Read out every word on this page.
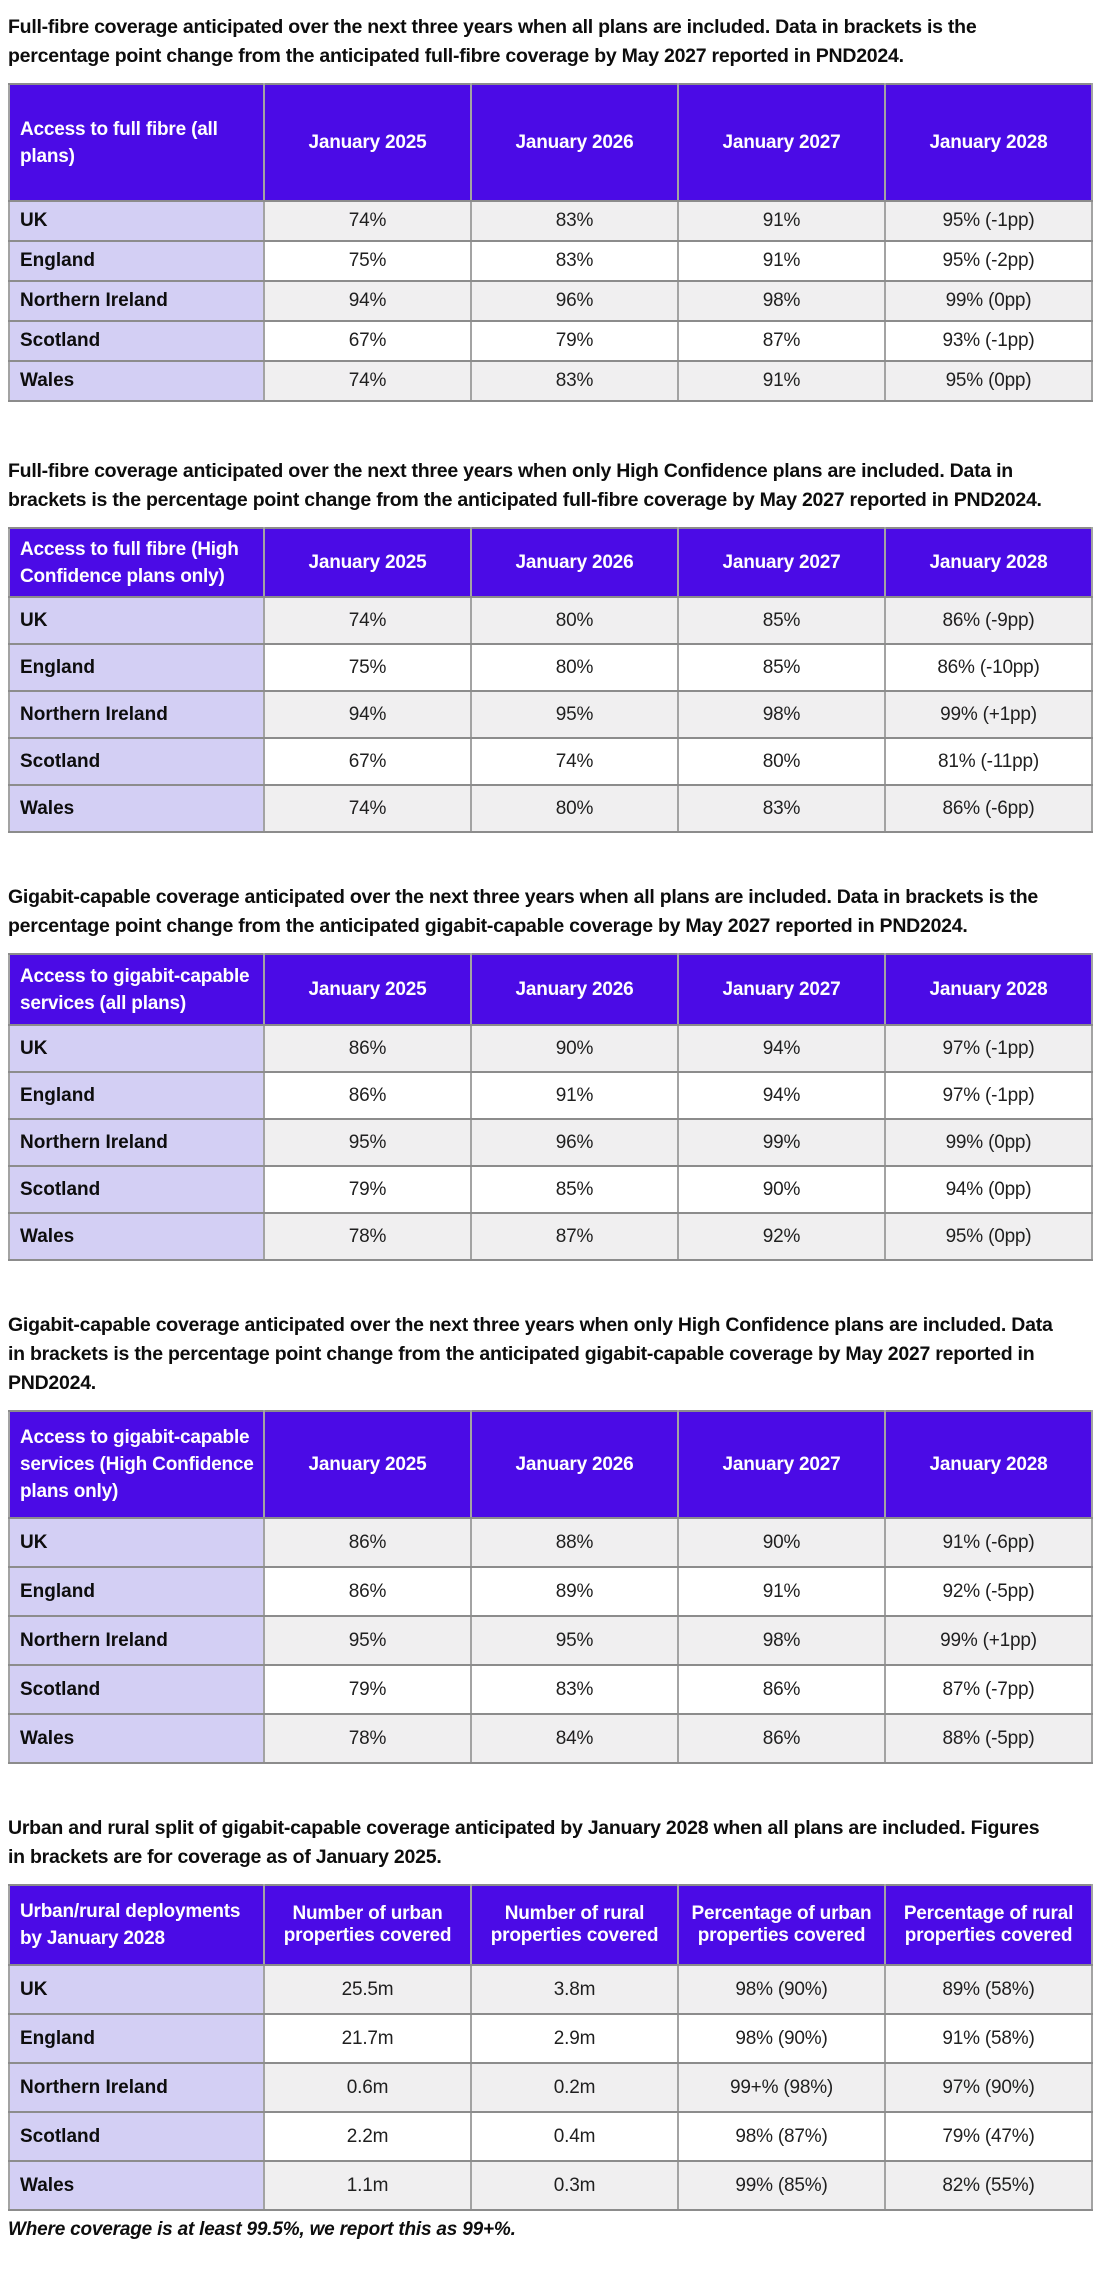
Full-fibre coverage anticipated over the next three years when all plans are included. Data in brackets is the percentage point change from the anticipated full-fibre coverage by May 2027 reported in PND2024.

Access to full fibre (all plans)	January 2025	January 2026	January 2027	January 2028
UK	74%	83%	91%	95% (-1pp)
England	75%	83%	91%	95% (-2pp)
Northern Ireland	94%	96%	98%	99% (0pp)
Scotland	67%	79%	87%	93% (-1pp)
Wales	74%	83%	91%	95% (0pp)

Full-fibre coverage anticipated over the next three years when only High Confidence plans are included. Data in brackets is the percentage point change from the anticipated full-fibre coverage by May 2027 reported in PND2024.

Access to full fibre (High Confidence plans only)	January 2025	January 2026	January 2027	January 2028
UK	74%	80%	85%	86% (-9pp)
England	75%	80%	85%	86% (-10pp)
Northern Ireland	94%	95%	98%	99% (+1pp)
Scotland	67%	74%	80%	81% (-11pp)
Wales	74%	80%	83%	86% (-6pp)

Gigabit-capable coverage anticipated over the next three years when all plans are included. Data in brackets is the percentage point change from the anticipated gigabit-capable coverage by May 2027 reported in PND2024.

Access to gigabit-capable services (all plans)	January 2025	January 2026	January 2027	January 2028
UK	86%	90%	94%	97% (-1pp)
England	86%	91%	94%	97% (-1pp)
Northern Ireland	95%	96%	99%	99% (0pp)
Scotland	79%	85%	90%	94% (0pp)
Wales	78%	87%	92%	95% (0pp)

Gigabit-capable coverage anticipated over the next three years when only High Confidence plans are included. Data in brackets is the percentage point change from the anticipated gigabit-capable coverage by May 2027 reported in PND2024.

Access to gigabit-capable services (High Confidence plans only)	January 2025	January 2026	January 2027	January 2028
UK	86%	88%	90%	91% (-6pp)
England	86%	89%	91%	92% (-5pp)
Northern Ireland	95%	95%	98%	99% (+1pp)
Scotland	79%	83%	86%	87% (-7pp)
Wales	78%	84%	86%	88% (-5pp)

Urban and rural split of gigabit-capable coverage anticipated by January 2028 when all plans are included. Figures in brackets are for coverage as of January 2025.

Urban/rural deployments by January 2028	Number of urban properties covered	Number of rural properties covered	Percentage of urban properties covered	Percentage of rural properties covered
UK	25.5m	3.8m	98% (90%)	89% (58%)
England	21.7m	2.9m	98% (90%)	91% (58%)
Northern Ireland	0.6m	0.2m	99+% (98%)	97% (90%)
Scotland	2.2m	0.4m	98% (87%)	79% (47%)
Wales	1.1m	0.3m	99% (85%)	82% (55%)

Where coverage is at least 99.5%, we report this as 99+%.
